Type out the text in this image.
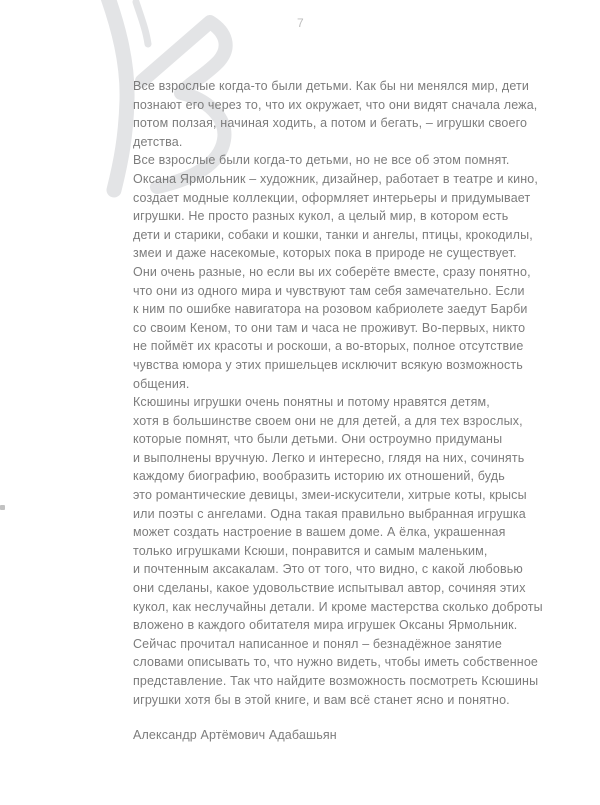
7
Все взрослые когда-то были детьми. Как бы ни менялся мир, дети
познают его через то, что их окружает, что они видят сначала лежа,
потом ползая, начиная ходить, а потом и бегать, – игрушки своего
детства.
Все взрослые были когда-то детьми, но не все об этом помнят.
Оксана Ярмольник – художник, дизайнер, работает в театре и кино,
создает модные коллекции, оформляет интерьеры и придумывает
игрушки. Не просто разных кукол, а целый мир, в котором есть
дети и старики, собаки и кошки, танки и ангелы, птицы, крокодилы,
змеи и даже насекомые, которых пока в природе не существует.
Они очень разные, но если вы их соберёте вместе, сразу понятно,
что они из одного мира и чувствуют там себя замечательно. Если
к ним по ошибке навигатора на розовом кабриолете заедут Барби
со своим Кеном, то они там и часа не проживут. Во-первых, никто
не поймёт их красоты и роскоши, а во-вторых, полное отсутствие
чувства юмора у этих пришельцев исключит всякую возможность
общения.
Ксюшины игрушки очень понятны и потому нравятся детям,
хотя в большинстве своем они не для детей, а для тех взрослых,
которые помнят, что были детьми. Они остроумно придуманы
и выполнены вручную. Легко и интересно, глядя на них, сочинять
каждому биографию, вообразить историю их отношений, будь
это романтические девицы, змеи-искусители, хитрые коты, крысы
или поэты с ангелами. Одна такая правильно выбранная игрушка
может создать настроение в вашем доме. А ёлка, украшенная
только игрушками Ксюши, понравится и самым маленьким,
и почтенным аксакалам. Это от того, что видно, с какой любовью
они сделаны, какое удовольствие испытывал автор, сочиняя этих
кукол, как неслучайны детали. И кроме мастерства сколько доброты
вложено в каждого обитателя мира игрушек Оксаны Ярмольник.
Сейчас прочитал написанное и понял – безнадёжное занятие
словами описывать то, что нужно видеть, чтобы иметь собственное
представление. Так что найдите возможность посмотреть Ксюшины
игрушки хотя бы в этой книге, и вам всё станет ясно и понятно.
Александр Артёмович Адабашьян
